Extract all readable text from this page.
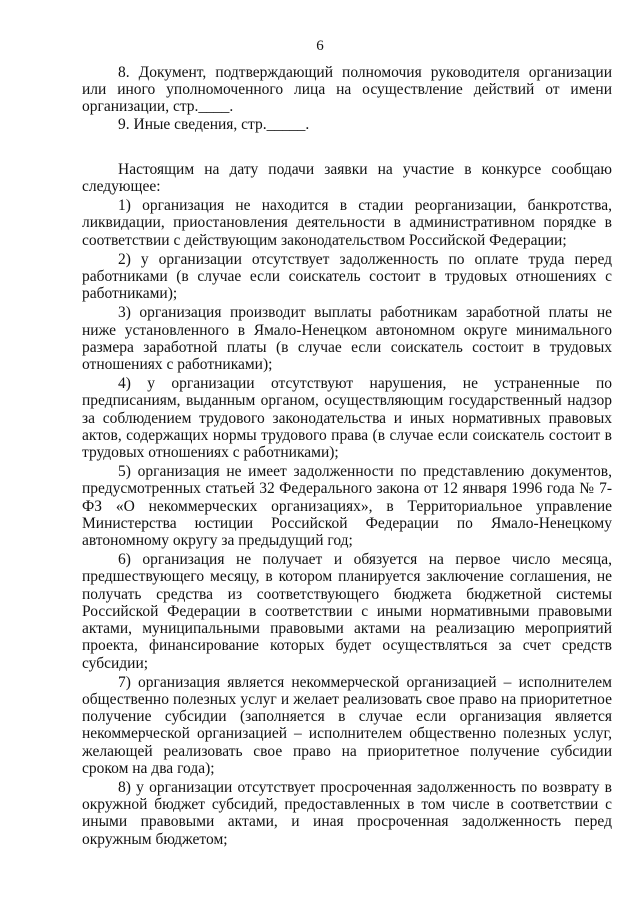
6

8. Документ, подтверждающий полномочия руководителя организации или иного уполномоченного лица на осуществление действий от имени организации, стр.____.

9. Иные сведения, стр._____.

Настоящим на дату подачи заявки на участие в конкурсе сообщаю следующее:

1) организация не находится в стадии реорганизации, банкротства, ликвидации, приостановления деятельности в административном порядке в соответствии с действующим законодательством Российской Федерации;

2) у организации отсутствует задолженность по оплате труда перед работниками (в случае если соискатель состоит в трудовых отношениях с работниками);

3) организация производит выплаты работникам заработной платы не ниже установленного в Ямало-Ненецком автономном округе минимального размера заработной платы (в случае если соискатель состоит в трудовых отношениях с работниками);

4) у организации отсутствуют нарушения, не устраненные по предписаниям, выданным органом, осуществляющим государственный надзор за соблюдением трудового законодательства и иных нормативных правовых актов, содержащих нормы трудового права (в случае если соискатель состоит в трудовых отношениях с работниками);

5) организация не имеет задолженности по представлению документов, предусмотренных статьей 32 Федерального закона от 12 января 1996 года № 7-ФЗ «О некоммерческих организациях», в Территориальное управление Министерства юстиции Российской Федерации по Ямало-Ненецкому автономному округу за предыдущий год;

6) организация не получает и обязуется на первое число месяца, предшествующего месяцу, в котором планируется заключение соглашения, не получать средства из соответствующего бюджета бюджетной системы Российской Федерации в соответствии с иными нормативными правовыми актами, муниципальными правовыми актами на реализацию мероприятий проекта, финансирование которых будет осуществляться за счет средств субсидии;

7) организация является некоммерческой организацией – исполнителем общественно полезных услуг и желает реализовать свое право на приоритетное получение субсидии (заполняется в случае если организация является некоммерческой организацией – исполнителем общественно полезных услуг, желающей реализовать свое право на приоритетное получение субсидии сроком на два года);

8) у организации отсутствует просроченная задолженность по возврату в окружной бюджет субсидий, предоставленных в том числе в соответствии с иными правовыми актами, и иная просроченная задолженность перед окружным бюджетом;
